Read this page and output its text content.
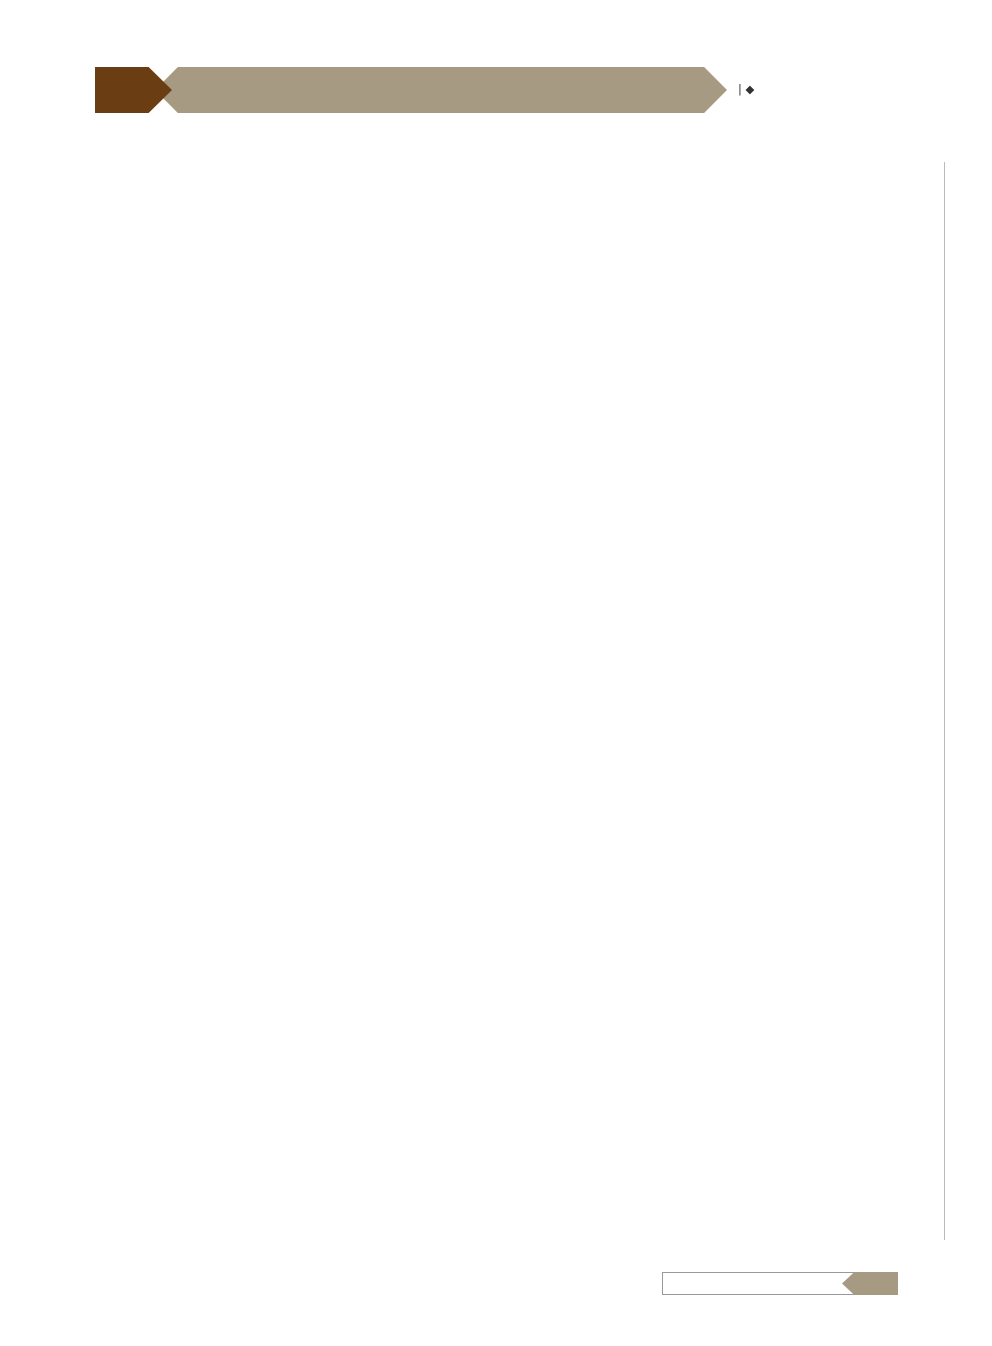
| ◆
